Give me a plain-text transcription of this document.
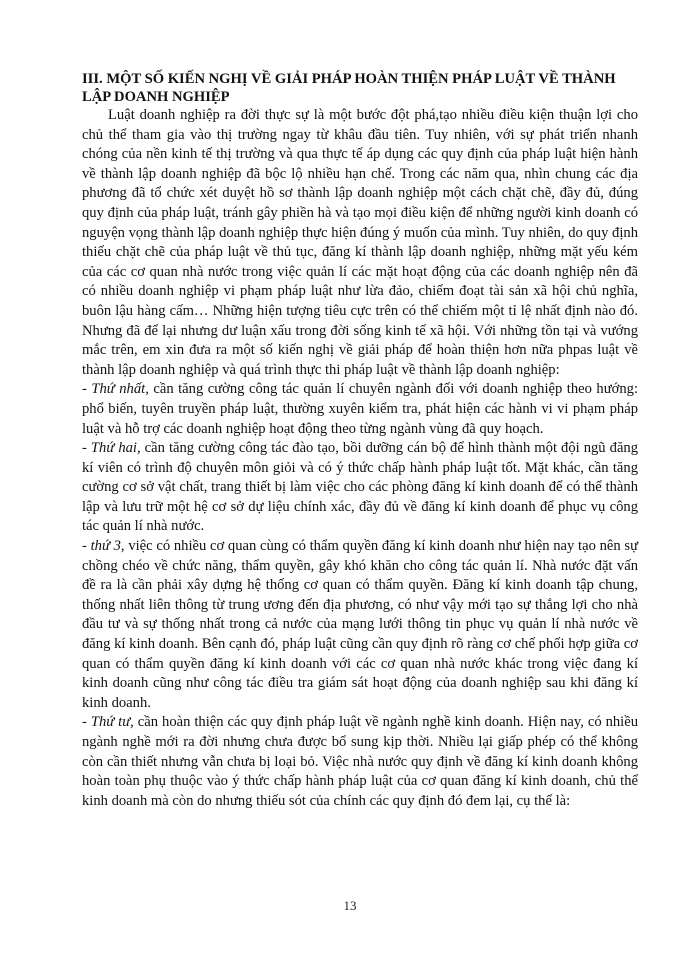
III. MỘT SỐ KIẾN NGHỊ VỀ GIẢI PHÁP HOÀN THIỆN PHÁP LUẬT VỀ THÀNH LẬP DOANH NGHIỆP

Luật doanh nghiệp ra đời thực sự là một bước đột phá,tạo nhiều điều kiện thuận lợi cho chủ thể tham gia vào thị trường ngay từ khâu đầu tiên. Tuy nhiên, với sự phát triển nhanh chóng của nền kinh tế thị trường và qua thực tế áp dụng các quy định của pháp luật hiện hành về thành lập doanh nghiệp đã bộc lộ nhiều hạn chế. Trong các năm qua, nhìn chung các địa phương đã tổ chức xét duyệt hồ sơ thành lập doanh nghiệp một cách chặt chẽ, đầy đủ, đúng quy định của pháp luật, tránh gây phiền hà và tạo mọi điều kiện để những người kinh doanh có nguyện vọng thành lập doanh nghiệp thực hiện đúng ý muốn của mình. Tuy nhiên, do quy định thiếu chặt chẽ của pháp luật về thủ tục, đăng kí thành lập doanh nghiệp, những mặt yếu kém của các cơ quan nhà nước trong việc quản lí các mặt hoạt động của các doanh nghiệp nên đã có nhiều doanh nghiệp vi phạm pháp luật như lừa đảo, chiếm đoạt tài sản xã hội chủ nghĩa, buôn lậu hàng cấm… Những hiện tượng tiêu cực trên có thể chiếm một tỉ lệ nhất định nào đó. Nhưng đã để lại nhưng dư luận xấu trong đời sống kinh tế xã hội. Với những tồn tại và vướng mắc trên, em xin đưa ra một số kiến nghị về giải pháp để hoàn thiện hơn nữa phpas luật về thành lập doanh nghiệp và quá trình thực thi pháp luật về thành lập doanh nghiệp:

- Thứ nhất, cần tăng cường công tác quản lí chuyên ngành đối với doanh nghiệp theo hướng: phổ biến, tuyên truyền pháp luật, thường xuyên kiểm tra, phát hiện các hành vi vi phạm pháp luật và hỗ trợ các doanh nghiệp hoạt động theo từng ngành vùng đã quy hoạch.

- Thứ hai, cần tăng cường công tác đào tạo, bồi dưỡng cán bộ để hình thành một đội ngũ đăng kí viên có trình độ chuyên môn giỏi và có ý thức chấp hành pháp luật tốt. Mặt khác, cần tăng cường cơ sở vật chất, trang thiết bị làm việc cho các phòng đăng kí kinh doanh để có thể thành lập và lưu trữ một hệ cơ sở dự liệu chính xác, đầy đủ về đăng kí kinh doanh để phục vụ công tác quản lí nhà nước.

- thứ 3, việc có nhiều cơ quan cùng có thẩm quyền đăng kí kinh doanh như hiện nay tạo nên sự chồng chéo về chức năng, thẩm quyền, gây khó khăn cho công tác quản lí. Nhà nước đặt vấn đề ra là cần phải xây dựng hệ thống cơ quan có thẩm quyền. Đăng kí kinh doanh tập chung, thống nhất liên thông từ trung ương đến địa phương, có như vậy mới tạo sự thắng lợi cho nhà đầu tư và sự thống nhất trong cả nước của mạng lưới thông tin phục vụ quản lí nhà nước về đăng kí kinh doanh. Bên cạnh đó, pháp luật cũng cần quy định rõ ràng cơ chế phối hợp giữa cơ quan có thẩm quyền đăng kí kinh doanh với các cơ quan nhà nước khác trong việc đang kí kinh doanh cũng như công tác điều tra giám sát hoạt động của doanh nghiệp sau khi đăng kí kinh doanh.

- Thứ tư, cần hoàn thiện các quy định pháp luật về ngành nghề kinh doanh. Hiện nay, có nhiều ngành nghề mới ra đời nhưng chưa được bổ sung kịp thời. Nhiều lại giấp phép có thể không còn cần thiết nhưng vẫn chưa bị loại bỏ. Việc nhà nước quy định về đăng kí kinh doanh không hoàn toàn phụ thuộc vào ý thức chấp hành pháp luật của cơ quan đăng kí kinh doanh, chủ thể kinh doanh mà còn do nhưng thiếu sót của chính các quy định đó đem lại, cụ thể là:

13
